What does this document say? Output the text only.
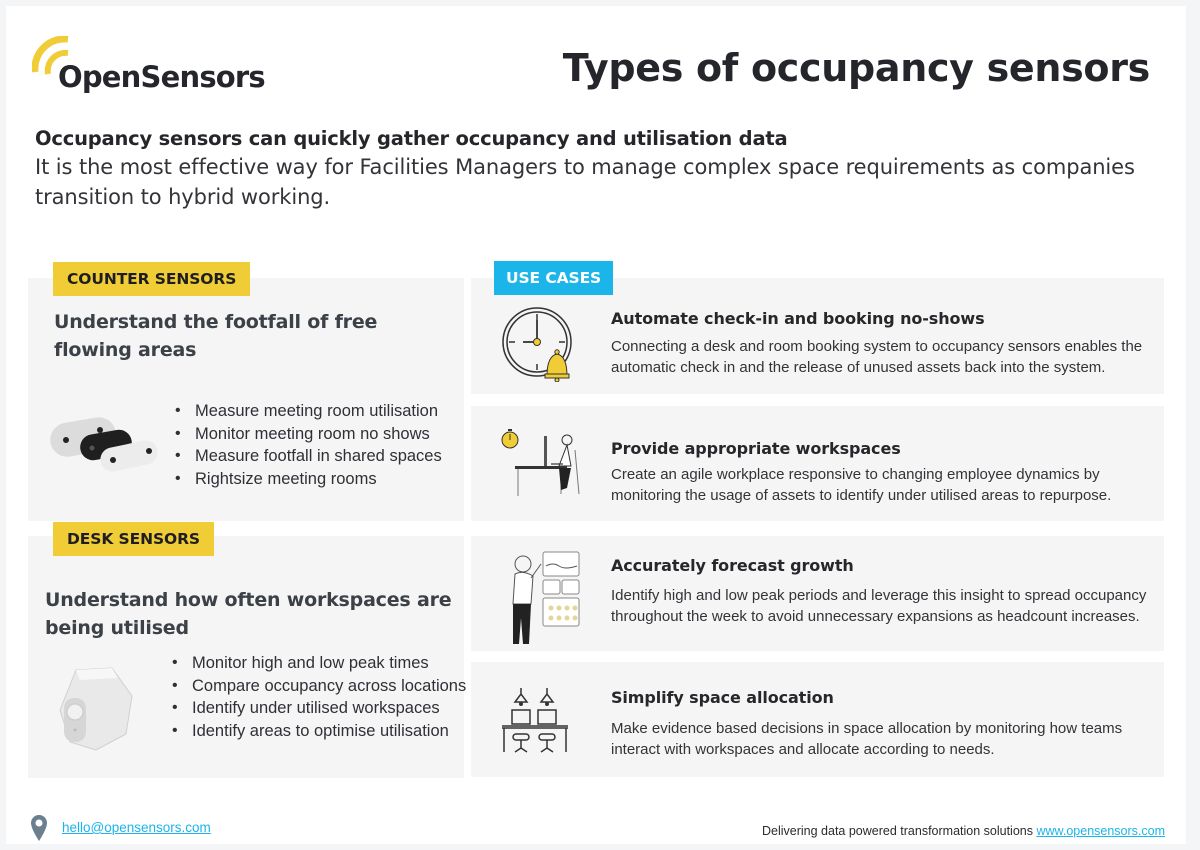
OpenSensors	Types of occupancy sensors
Occupancy sensors can quickly gather occupancy and utilisation data

It is the most effective way for Facilities Managers to manage complex space requirements as companies transition to hybrid working.

Understand the footfall of free flowing areas
• Measure meeting room utilisation
• Monitor meeting room no shows
• Measure footfall in shared spaces
• Rightsize meeting rooms
COUNTER SENSORS
Understand how often workspaces are being utilised
• Monitor high and low peak times
• Compare occupancy across locations
• Identify under utilised workspaces
• Identify areas to optimise utilisation
DESK SENSORS
Automate check-in and booking no-shows
Connecting a desk and room booking system to occupancy sensors enables the automatic check in and the release of unused assets back into the system.
USE CASES
Provide appropriate workspaces
Create an agile workplace responsive to changing employee dynamics by monitoring the usage of assets to identify under utilised areas to repurpose.
Accurately forecast growth
Identify high and low peak periods and leverage this insight to spread occupancy throughout the week to avoid unnecessary expansions as headcount increases.
Simplify space allocation
Make evidence based decisions in space allocation by monitoring how teams interact with workspaces and allocate according to needs.
hello@opensensors.com	Delivering data powered transformation solutions www.opensensors.com
